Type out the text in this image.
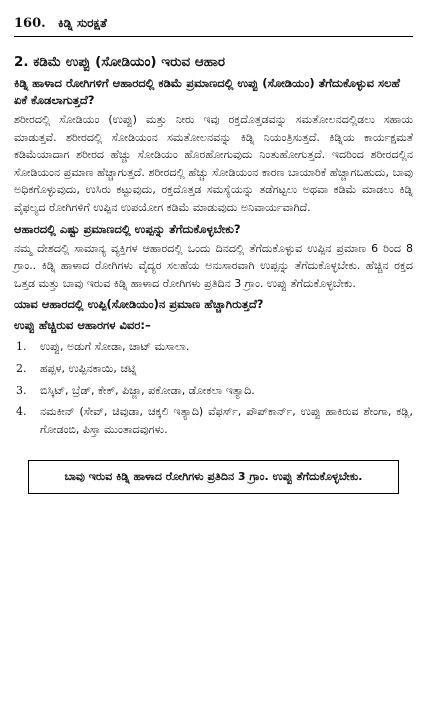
160. ಕಿಡ್ನಿ ಸುರಕ್ಷತೆ
2. ಕಡಿಮೆ ಉಪ್ಪು (ಸೋಡಿಯಂ) ಇರುವ ಆಹಾರ
ಕಿಡ್ನಿ ಹಾಳಾದ ರೋಗಿಗಳಿಗೆ ಆಹಾರದಲ್ಲಿ ಕಡಿಮೆ ಪ್ರಮಾಣದಲ್ಲಿ ಉಪ್ಪು (ಸೋಡಿಯಂ) ತೆಗೆದುಕೊಳ್ಳುವ ಸಲಹೆ ಏಕೆ ಕೊಡಲಾಗುತ್ತದೆ?
ಶರೀರದಲ್ಲಿ ಸೋಡಿಯಂ (ಉಪ್ಪು) ಮತ್ತು ನೀರು ಇವು ರಕ್ತದೊತ್ತಡವನ್ನು ಸಮತೋಲನದಲ್ಲಿಡಲು ಸಹಾಯ ಮಾಡುತ್ತವೆ. ಶರೀರದಲ್ಲಿ ಸೋಡಿಯಂನ ಸಮತೋಲನವನ್ನು ಕಿಡ್ನಿ ನಿಯಂತ್ರಿಸುತ್ತದೆ. ಕಿಡ್ನಿಯ ಕಾರ್ಯಕ್ಷಮತೆ ಕಡಿಮೆಯಾದಾಗ ಶರೀರದ ಹೆಚ್ಚು ಸೋಡಿಯಂ ಹೊರಹೋಗುವುದು ನಿಂತುಹೋಗುತ್ತದೆ. ಇದರಿಂದ ಶರೀರದಲ್ಲಿನ ಸೋಡಿಯಂನ ಪ್ರಮಾಣ ಹೆಚ್ಚಾಗುತ್ತದೆ. ಶರೀರದಲ್ಲಿ ಹೆಚ್ಚು ಸೋಡಿಯಂನ ಕಾರಣ ಬಾಯಾರಿಕೆ ಹೆಚ್ಚಾಗಬಹುದು, ಬಾವು ಅಧಿಕಗೊಳ್ಳುವುದು, ಉಸಿರು ಕಟ್ಟುವುದು, ರಕ್ತದೊತ್ತಡ ಸಮಸ್ಯೆಯನ್ನು ತಡೆಗಟ್ಟಲು ಅಥವಾ ಕಡಿಮೆ ಮಾಡಲು ಕಿಡ್ನಿ ವೈಫಲ್ಯದ ರೋಗಿಗಳಿಗೆ ಉಪ್ಪಿನ ಉಪಯೋಗ ಕಡಿಮೆ ಮಾಡುವುದು ಅನಿವಾರ್ಯವಾಗಿದೆ.
ಆಹಾರದಲ್ಲಿ ಎಷ್ಟು ಪ್ರಮಾಣದಲ್ಲಿ ಉಪ್ಪನ್ನು ತೆಗೆದುಕೊಳ್ಳಬೇಕು?
ನಮ್ಮ ದೇಶದಲ್ಲಿ ಸಾಮಾನ್ಯ ವ್ಯಕ್ತಿಗಳ ಆಹಾರದಲ್ಲಿ ಒಂದು ದಿನದಲ್ಲಿ ತೆಗೆದುಕೊಳ್ಳುವ ಉಪ್ಪಿನ ಪ್ರಮಾಣ 6 ರಿಂದ 8 ಗ್ರಾಂ.. ಕಿಡ್ನಿ ಹಾಳಾದ ರೋಗಿಗಳು ವೈದ್ಯರ ಸಲಹೆಯ ಅನುಸಾರವಾಗಿ ಉಪ್ಪನ್ನು ತೆಗೆದುಕೊಳ್ಳಬೇಕು. ಹೆಚ್ಚಿನ ರಕ್ತದ ಒತ್ತಡ ಮತ್ತು ಬಾವು ಇರುವ ಕಿಡ್ನಿ ಹಾಳಾದ ರೋಗಿಗಳು ಪ್ರತಿದಿನ 3 ಗ್ರಾಂ. ಉಪ್ಪು ತೆಗೆದುಕೊಳ್ಳಬೇಕು.
ಯಾವ ಆಹಾರದಲ್ಲಿ ಉಪ್ಪಿ(ಸೋಡಿಯಂ)ನ ಪ್ರಮಾಣ ಹೆಚ್ಚಾಗಿರುತ್ತದೆ?
ಉಪ್ಪು ಹೆಚ್ಚಿರುವ ಆಹಾರಗಳ ವಿವರ:–
1. ಉಪ್ಪು, ಅಡುಗೆ ಸೋಡಾ, ಚಾಟ್ ಮಸಾಲಾ.
2. ಹಪ್ಪಳ, ಉಪ್ಪಿನಕಾಯಿ, ಚಟ್ನಿ
3. ಬಿಸ್ಕಿಟ್, ಬ್ರೆಡ್, ಕೇಕ್, ಪಿಜ್ಜಾ, ಪಕೋಡಾ, ಡೋಕಲಾ ಇತ್ಯಾದಿ.
4. ನಮಕೀನ್ (ಸೇವ್, ಚಿವುಡಾ, ಚಕ್ಕಲಿ ಇತ್ಯಾದಿ) ವೆಫರ್ಸ್, ಪೌಪ್‌ಕಾರ್ನ್, ಉಪ್ಪು ಹಾಕಿರುವ ಶೇಂಗಾ, ಕಡ್ಲಿ, ಗೋಡಂಬಿ, ಪಿಸ್ತಾ ಮುಂತಾದವುಗಳು.
ಬಾವು ಇರುವ ಕಿಡ್ನಿ ಹಾಳಾದ ರೋಗಿಗಳು ಪ್ರತಿದಿನ 3 ಗ್ರಾಂ. ಉಪ್ಪು ತೆಗೆದುಕೊಳ್ಳಬೇಕು.
